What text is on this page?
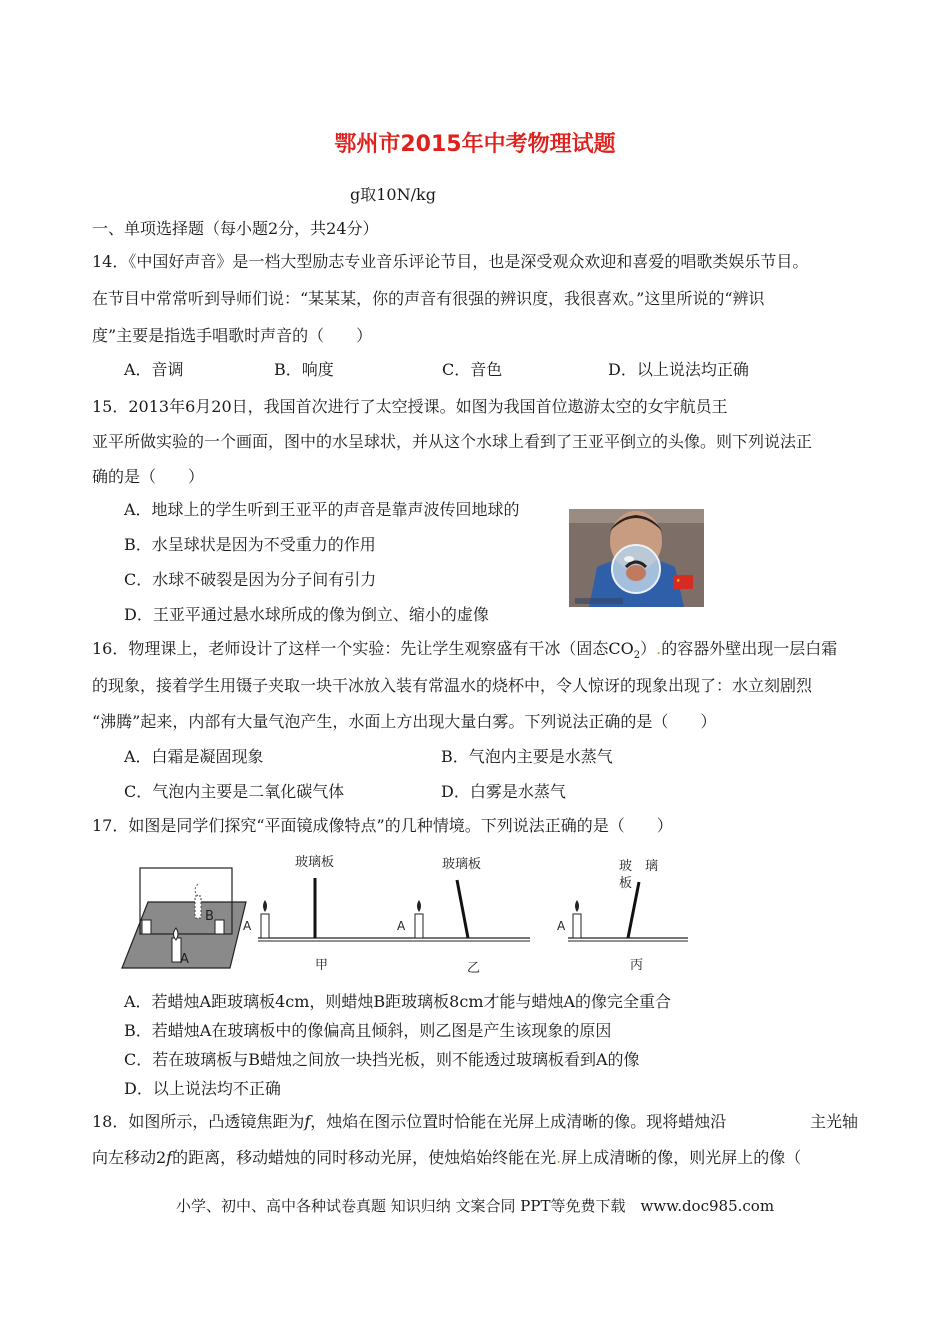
鄂州市2015年中考物理试题
g取10N/kg
一、单项选择题（每小题2分，共24分）
14．《中国好声音》是一档大型励志专业音乐评论节目，也是深受观众欢迎和喜爱的唱歌类娱乐节目。
在节目中常常听到导师们说：“某某某，你的声音有很强的辨识度，我很喜欢。”这里所说的“辨识
度”主要是指选手唱歌时声音的（　　）
A．音调	B．响度	C．音色	D．以上说法均正确
15．2013年6月20日，我国首次进行了太空授课。如图为我国首位遨游太空的女宇航员王
亚平所做实验的一个画面，图中的水呈球状，并从这个水球上看到了王亚平倒立的头像。则下列说法正
确的是（　　）
A．地球上的学生听到王亚平的声音是靠声波传回地球的
B．水呈球状是因为不受重力的作用
C．水球不破裂是因为分子间有引力
D．王亚平通过悬水球所成的像为倒立、缩小的虚像
★
16．物理课上，老师设计了这样一个实验：先让学生观察盛有干冰（固态$CO_2$）.的容器外壁出现一层白霜
的现象，接着学生用镊子夹取一块干冰放入装有常温水的烧杯中，令人惊讶的现象出现了：水立刻剧烈
“沸腾”起来，内部有大量气泡产生，水面上方出现大量白雾。下列说法正确的是（　　）
A．白霜是凝固现象	B．气泡内主要是水蒸气
C．气泡内主要是二氧化碳气体	D．白雾是水蒸气
17．如图是同学们探究“平面镜成像特点”的几种情境。下列说法正确的是（　　）
B
A
A
玻璃板
甲
A
玻璃板
乙
A
玻　璃
板
丙
A．若蜡烛A距玻璃板4cm，则蜡烛B距玻璃板8cm才能与蜡烛A的像完全重合
B．若蜡烛A在玻璃板中的像偏高且倾斜，则乙图是产生该现象的原因
C．若在玻璃板与B蜡烛之间放一块挡光板，则不能透过玻璃板看到A的像
D．以上说法均不正确
18．如图所示，凸透镜焦距为f，烛焰在图示位置时恰能在光屏上成清晰的像。现将蜡烛沿	主光轴
向左移动2f的距离，移动蜡烛的同时移动光屏，使烛焰始终能在光.屏上成清晰的像，则光屏上的像（
小学、初中、高中各种试卷真题 知识归纳 文案合同 PPT等免费下载　www.doc985.com
